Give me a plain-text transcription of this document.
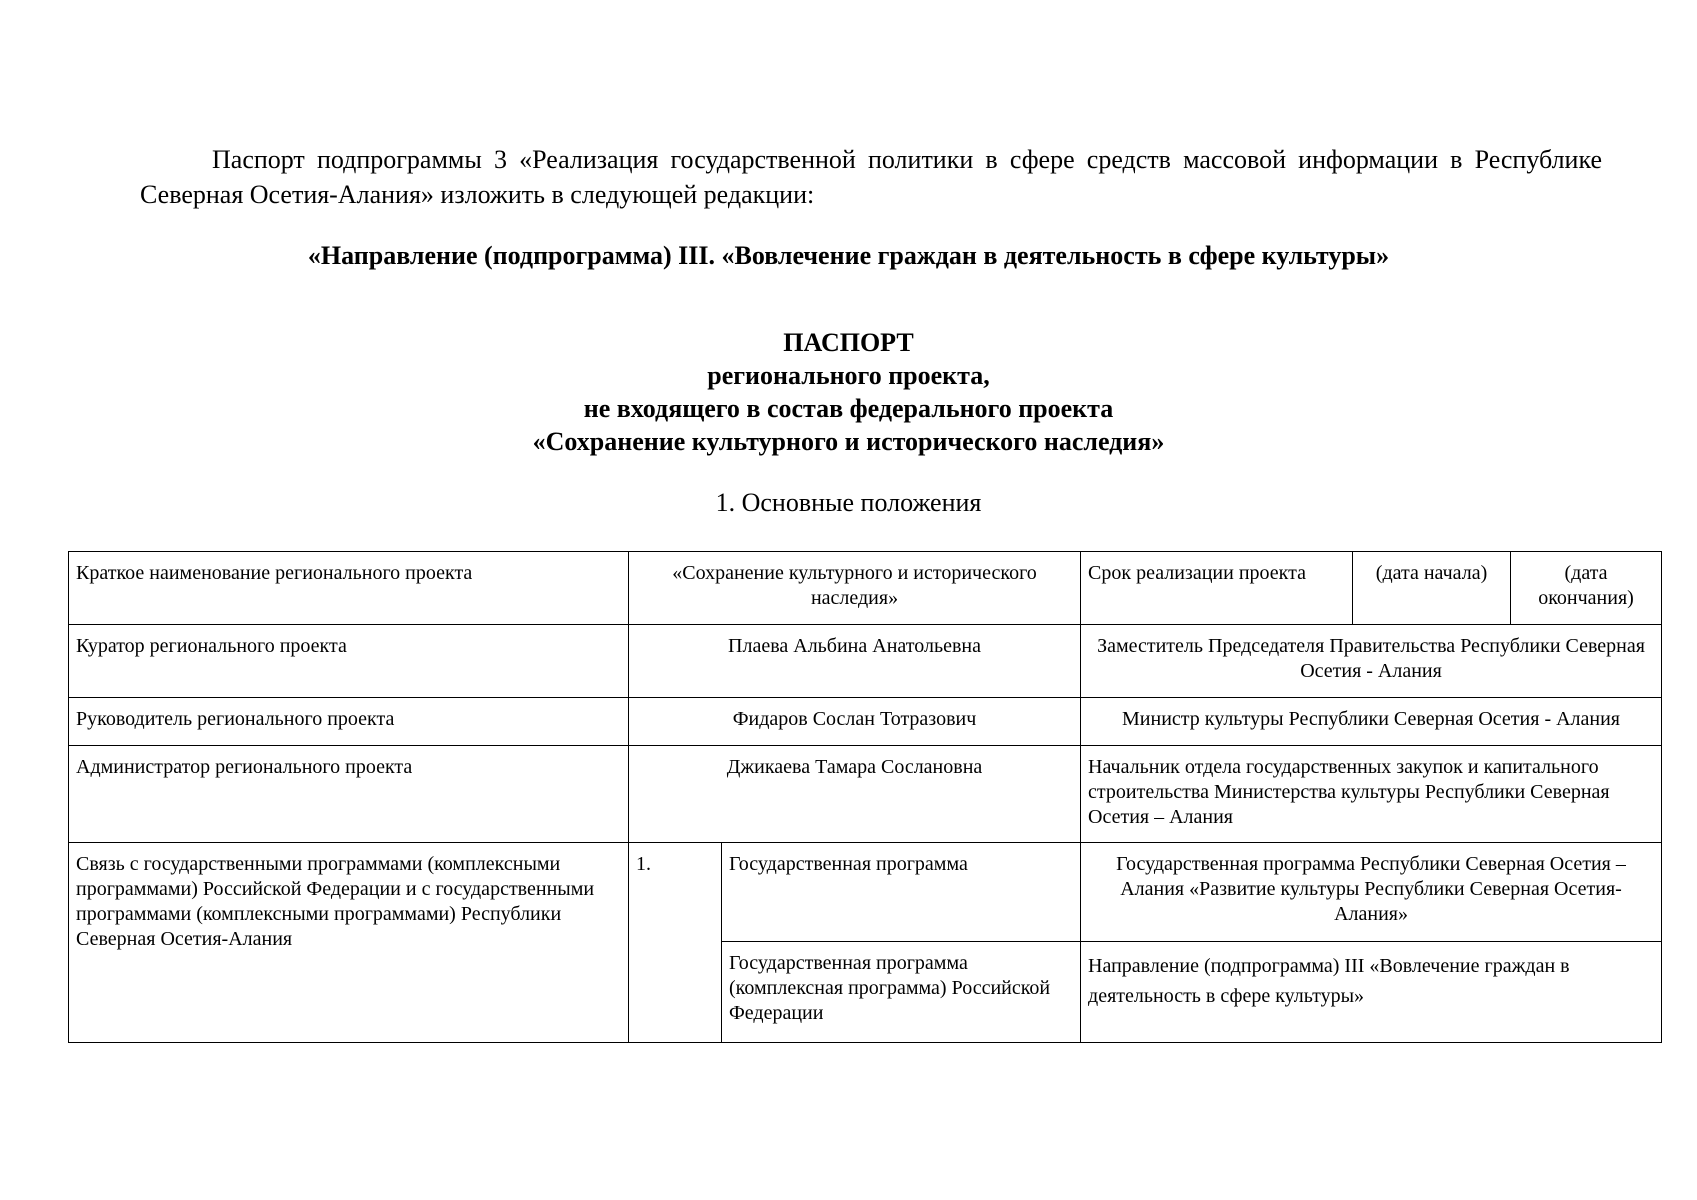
Паспорт подпрограммы 3 «Реализация государственной политики в сфере средств массовой информации в Республике Северная Осетия-Алания» изложить в следующей редакции:

«Направление (подпрограмма) III. «Вовлечение граждан в деятельность в сфере культуры»

ПАСПОРТ
регионального проекта,
не входящего в состав федерального проекта
«Сохранение культурного и исторического наследия»

1. Основные положения

Краткое наименование регионального проекта	«Сохранение культурного и исторического наследия»		Срок реализации проекта	(дата начала)	(дата окончания)
Куратор регионального проекта	Плаева Альбина Анатольевна		Заместитель Председателя Правительства Республики Северная Осетия - Алания		
Руководитель регионального проекта	Фидаров Сослан Тотразович		Министр культуры Республики Северная Осетия - Алания		
Администратор регионального проекта	Джикаева Тамара Сослановна		Начальник отдела государственных закупок и капитального строительства Министерства культуры Республики Северная Осетия – Алания		
Связь с государственными программами (комплексными программами) Российской Федерации и с государственными программами (комплексными программами) Республики Северная Осетия-Алания	1.	Государственная программа	Государственная программа Республики Северная Осетия – Алания «Развитие культуры Республики Северная Осетия-Алания»		
		Государственная программа (комплексная программа) Российской Федерации	Направление (подпрограмма) III «Вовлечение граждан в деятельность в сфере культуры»		
